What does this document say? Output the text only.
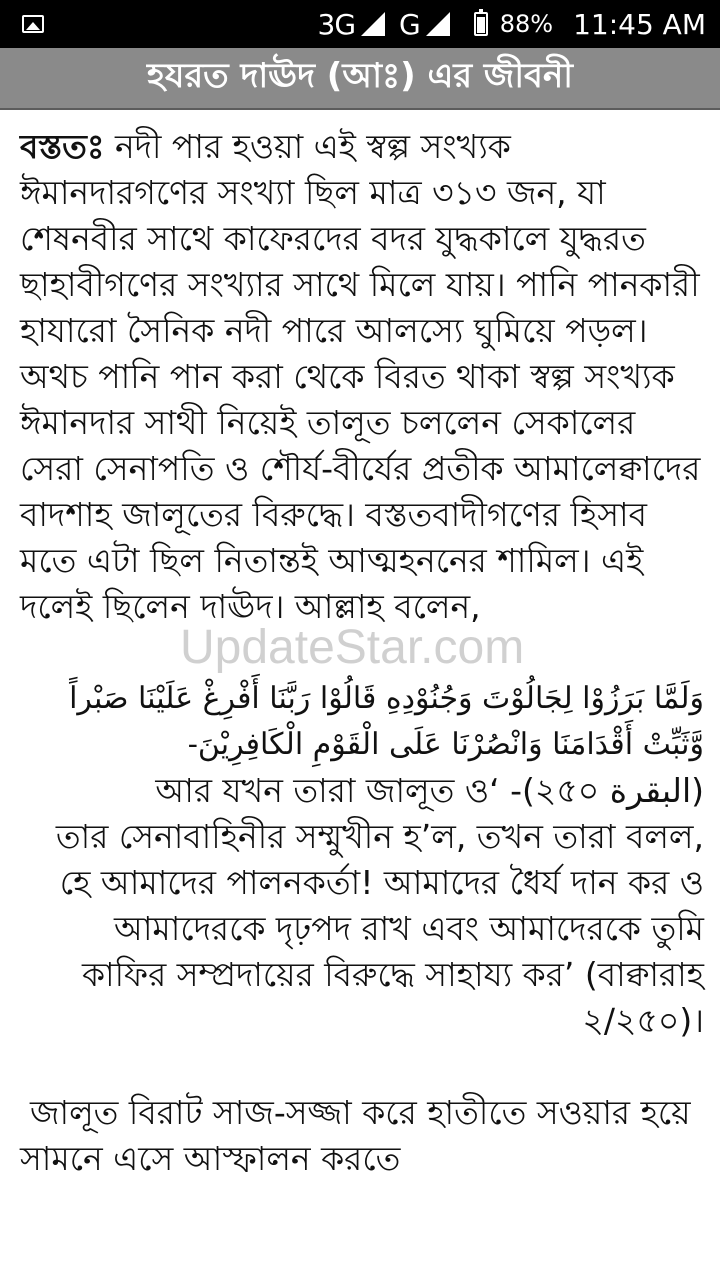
3G G	88% 11:45 AM
হযরত দাঊদ (আঃ) এর জীবনী
বস্ততঃ নদী পার হওয়া এই স্বল্প সংখ্যক ঈমানদারগণের সংখ্যা ছিল মাত্র ৩১৩ জন, যা শেষনবীর সাথে কাফেরদের বদর যুদ্ধকালে যুদ্ধরত ছাহাবীগণের সংখ্যার সাথে মিলে যায়। পানি পানকারী হাযারো সৈনিক নদী পারে আলস্যে ঘুমিয়ে পড়ল। অথচ পানি পান করা থেকে বিরত থাকা স্বল্প সংখ্যক ঈমানদার সাথী নিয়েই তালূত চললেন সেকালের সেরা সেনাপতি ও শৌর্য-বীর্যের প্রতীক আমালেক্বাদের বাদশাহ জালূতের বিরুদ্ধে। বস্ততবাদীগণের হিসাব মতে এটা ছিল নিতান্তই আত্মহননের শামিল। এই দলেই ছিলেন দাঊদ। আল্লাহ বলেন,
وَلَمَّا بَرَزُوْا لِجَالُوْتَ وَجُنُوْدِهِ قَالُوْا رَبَّنَا أَفْرِغْ عَلَيْنَا صَبْراً وَّثَبِّتْ أَقْدَامَنَا وَانْصُرْنَا عَلَى الْقَوْمِ الْكَافِرِيْنَ-
(البقرة ২৫০)- ‘আর যখন তারা জালূত ও
তার সেনাবাহিনীর সম্মুখীন হ’ল, তখন তারা বলল, হে আমাদের পালনকর্তা! আমাদের ধৈর্য দান কর ও আমাদেরকে দৃঢ়পদ রাখ এবং আমাদেরকে তুমি কাফির সম্প্রদায়ের বিরুদ্ধে সাহায্য কর’ (বাক্বারাহ ২/২৫০)।
জালূত বিরাট সাজ-সজ্জা করে হাতীতে সওয়ার হয়ে সামনে এসে আস্ফালন করতে
UpdateStar.com
